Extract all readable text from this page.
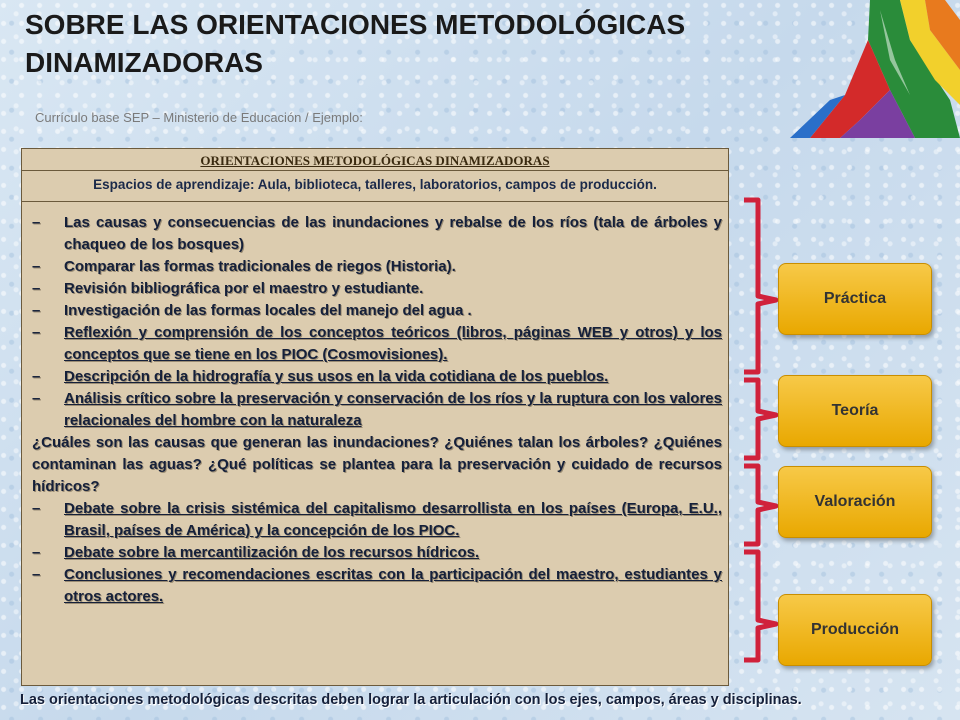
SOBRE LAS ORIENTACIONES METODOLÓGICAS DINAMIZADORAS
Currículo base SEP – Ministerio de Educación / Ejemplo:
ORIENTACIONES METODOLÓGICAS DINAMIZADORAS
Espacios de aprendizaje: Aula, biblioteca, talleres, laboratorios, campos de producción.
–	Las causas y consecuencias de las inundaciones y rebalse de los ríos (tala de árboles y chaqueo de los bosques)
–	Comparar las formas tradicionales de riegos (Historia).
–	Revisión bibliográfica por el maestro y estudiante.
–	Investigación de las formas locales del manejo del agua .
–	Reflexión y comprensión de los conceptos teóricos (libros, páginas WEB y otros) y los conceptos que se tiene en los PIOC (Cosmovisiones).
–	Descripción de la hidrografía y sus usos en la vida cotidiana de los pueblos.
–	Análisis crítico sobre la preservación y conservación de los ríos y la ruptura con los valores relacionales del hombre con la naturaleza
¿Cuáles son las causas que generan las inundaciones? ¿Quiénes talan los árboles? ¿Quiénes contaminan las aguas? ¿Qué políticas se plantea para la preservación y cuidado de recursos hídricos?
–	Debate sobre la crisis sistémica del capitalismo desarrollista en los países (Europa, E.U., Brasil, países de América) y la concepción de los PIOC.
–	Debate sobre la mercantilización de los recursos hídricos.
–	Conclusiones y recomendaciones escritas con la participación del maestro, estudiantes y otros actores.
Práctica
Teoría
Valoración
Producción
Las orientaciones metodológicas descritas deben lograr la articulación con los ejes, campos, áreas y disciplinas.
